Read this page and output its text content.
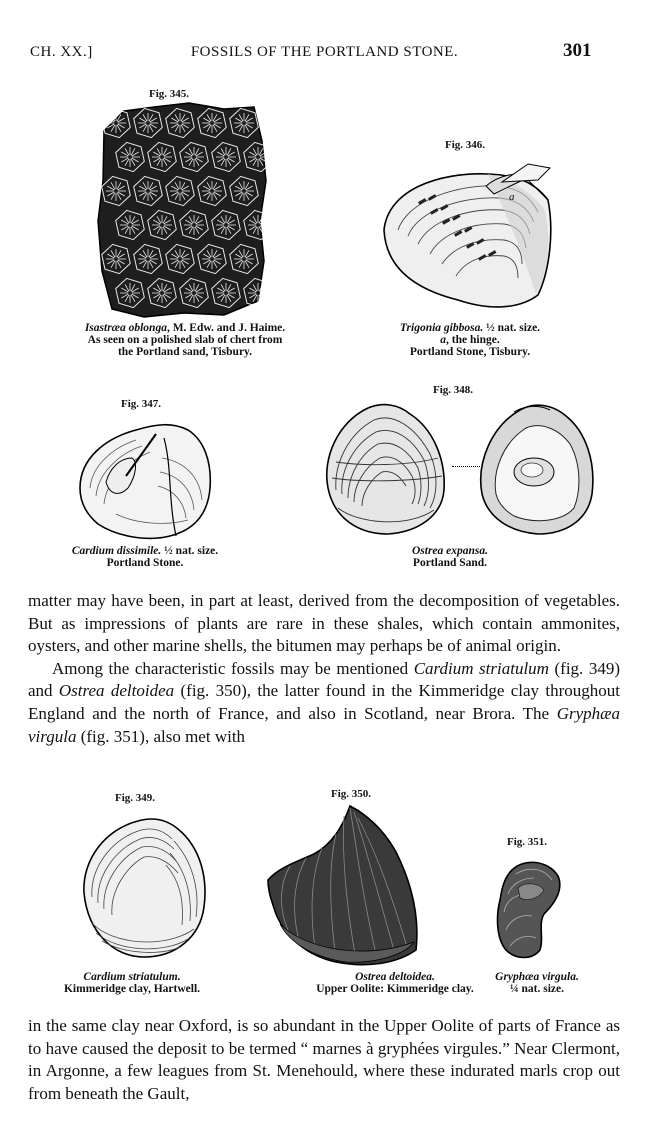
CH. XX.]	FOSSILS OF THE PORTLAND STONE.	301
Fig. 345.
Isastræa oblonga, M. Edw. and J. Haime.
As seen on a polished slab of chert from
the Portland sand, Tisbury.
Fig. 346.
a
Trigonia gibbosa. ½ nat. size.
a, the hinge.
Portland Stone, Tisbury.
Fig. 347.
Cardium dissimile. ½ nat. size.
Portland Stone.
Fig. 348.
Ostrea expansa.
Portland Sand.

matter may have been, in part at least, derived from the decomposition of vegetables. But as impressions of plants are rare in these shales, which contain ammonites, oysters, and other marine shells, the bitumen may perhaps be of animal origin.

Among the characteristic fossils may be mentioned Cardium striatulum (fig. 349) and Ostrea deltoidea (fig. 350), the latter found in the Kimmeridge clay throughout England and the north of France, and also in Scotland, near Brora. The Gryphæa virgula (fig. 351), also met with

Fig. 349.
Cardium striatulum.
Kimmeridge clay, Hartwell.
Fig. 350.
Ostrea deltoidea.
Upper Oolite: Kimmeridge clay.
Fig. 351.
Gryphæa virgula.
¼ nat. size.

in the same clay near Oxford, is so abundant in the Upper Oolite of parts of France as to have caused the deposit to be termed “ marnes à gryphées virgules.” Near Clermont, in Argonne, a few leagues from St. Menehould, where these indurated marls crop out from beneath the Gault,
